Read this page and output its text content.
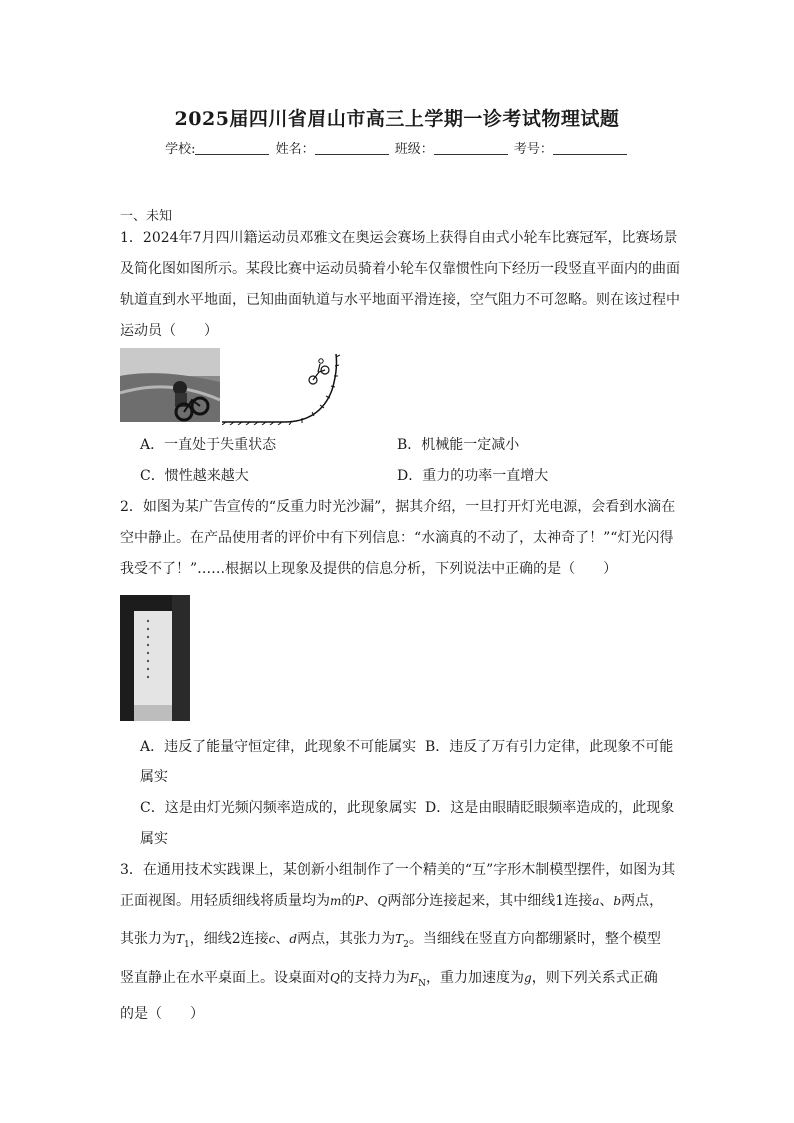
2025届四川省眉山市高三上学期一诊考试物理试题
学校:	姓名：	班级：	考号：
一、未知
1．2024年7月四川籍运动员邓雅文在奥运会赛场上获得自由式小轮车比赛冠军，比赛场景
及简化图如图所示。某段比赛中运动员骑着小轮车仅靠惯性向下经历一段竖直平面内的曲面
轨道直到水平地面，已知曲面轨道与水平地面平滑连接，空气阻力不可忽略。则在该过程中
运动员（　　）
A．一直处于失重状态	B．机械能一定减小
C．惯性越来越大	D．重力的功率一直增大
2．如图为某广告宣传的“反重力时光沙漏”，据其介绍，一旦打开灯光电源，会看到水滴在
空中静止。在产品使用者的评价中有下列信息：“水滴真的不动了，太神奇了！”“灯光闪得
我受不了！”……根据以上现象及提供的信息分析，下列说法中正确的是（　　）
A．违反了能量守恒定律，此现象不可能属实 B．违反了万有引力定律，此现象不可能
属实
C．这是由灯光频闪频率造成的，此现象属实 D．这是由眼睛眨眼频率造成的，此现象
属实
3．在通用技术实践课上，某创新小组制作了一个精美的“互”字形木制模型摆件，如图为其
正面视图。用轻质细线将质量均为m的P、Q两部分连接起来，其中细线1连接a、b两点，
其张力为$T_1$，细线2连接c、d两点，其张力为$T_2$。当细线在竖直方向都绷紧时，整个模型
竖直静止在水平桌面上。设桌面对Q的支持力为$F_N$，重力加速度为g，则下列关系式正确
的是（　　）
